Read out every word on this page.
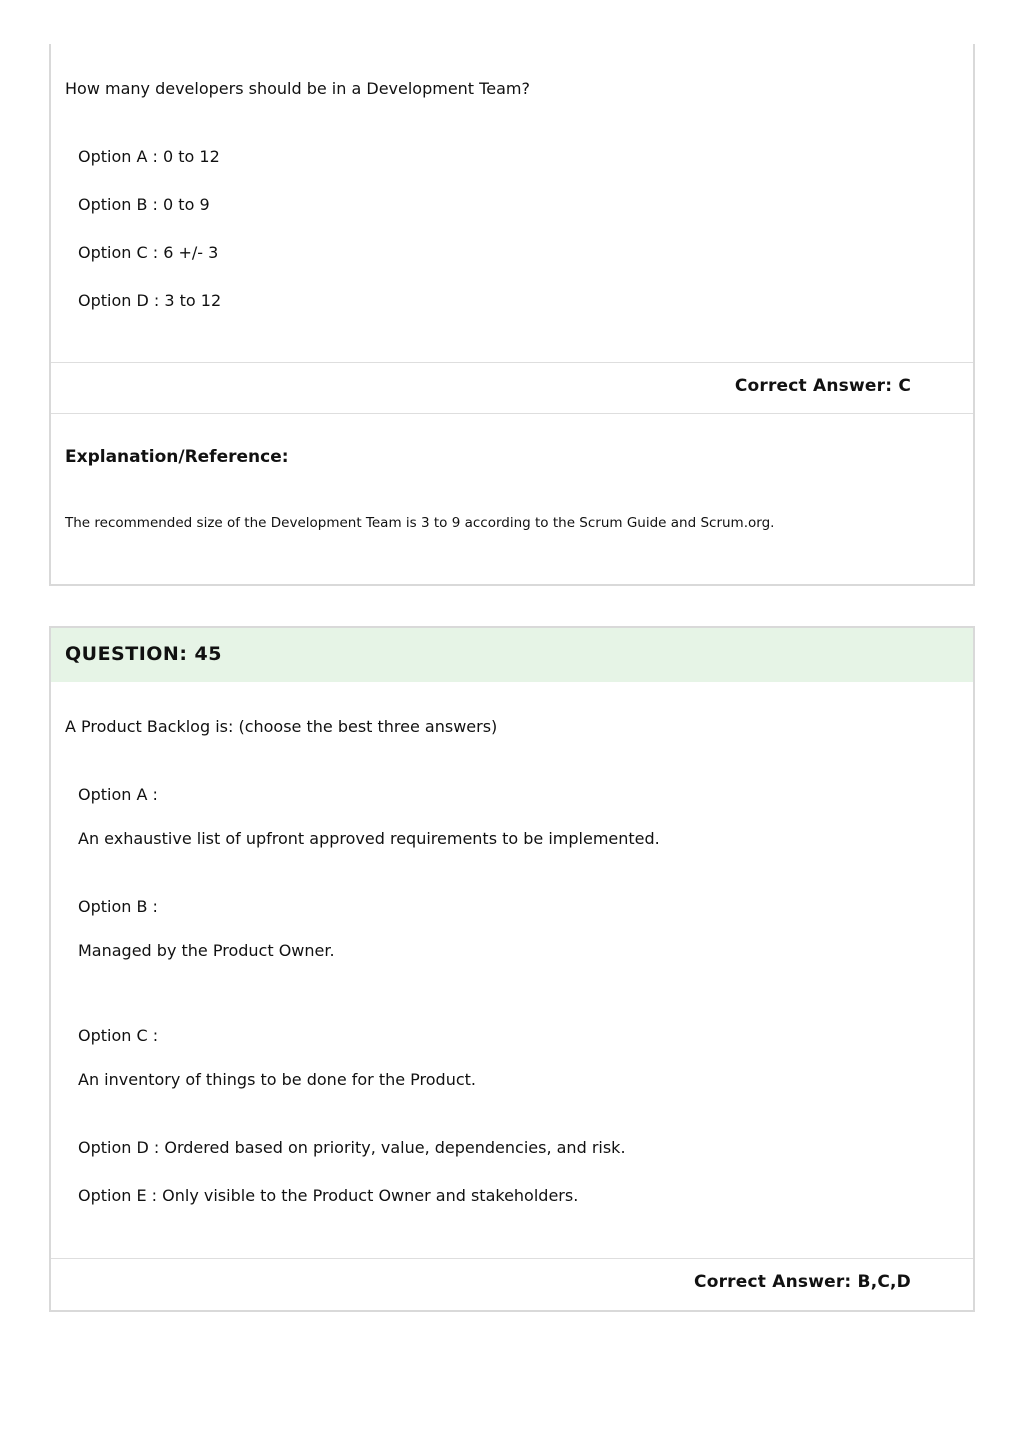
How many developers should be in a Development Team?
Option A : 0 to 12
Option B : 0 to 9
Option C : 6 +/- 3
Option D : 3 to 12
Correct Answer: C
Explanation/Reference:
The recommended size of the Development Team is 3 to 9 according to the Scrum Guide and Scrum.org.
QUESTION: 45
A Product Backlog is: (choose the best three answers)
Option A :
An exhaustive list of upfront approved requirements to be implemented.
Option B :
Managed by the Product Owner.
Option C :
An inventory of things to be done for the Product.
Option D : Ordered based on priority, value, dependencies, and risk.
Option E : Only visible to the Product Owner and stakeholders.
Correct Answer: B,C,D
